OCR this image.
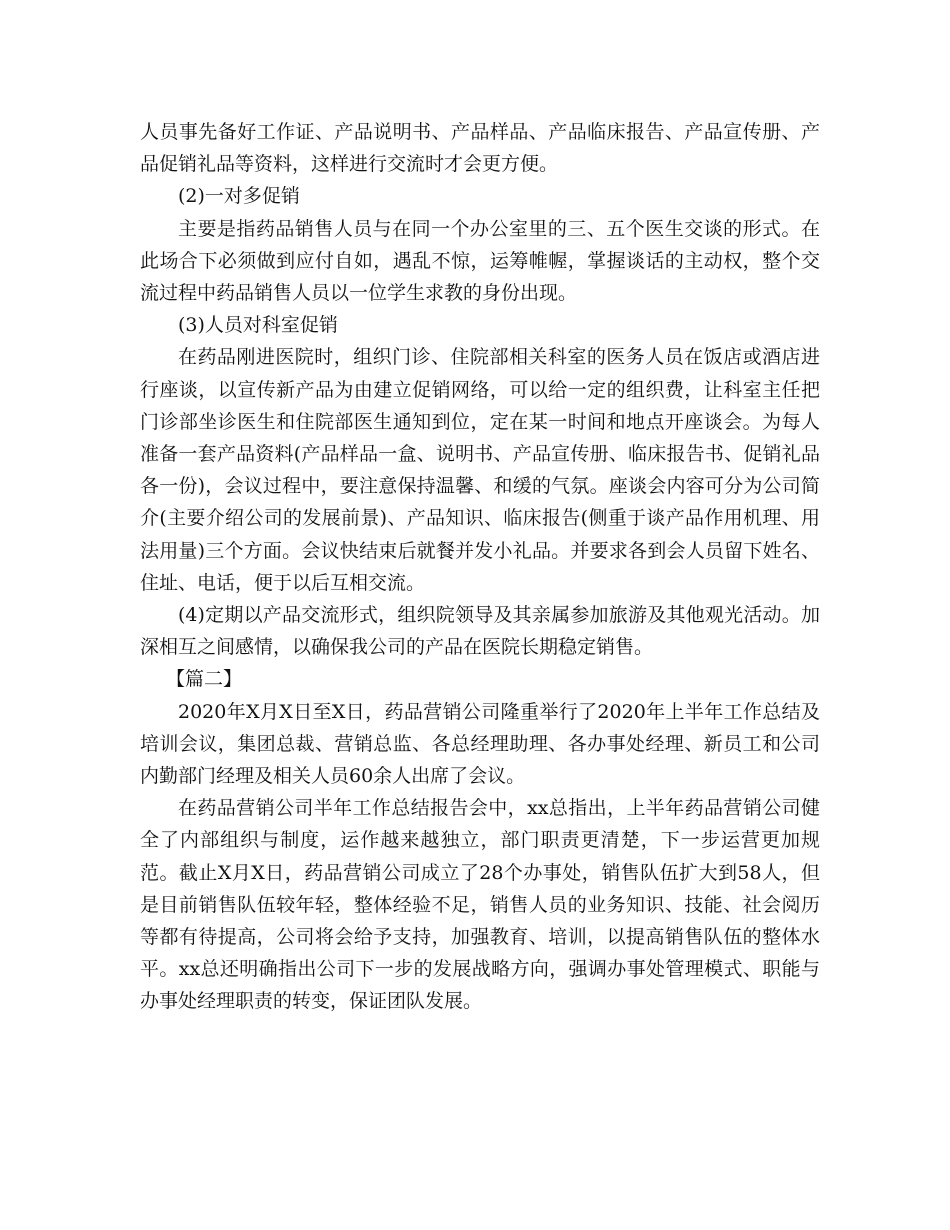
人员事先备好工作证、产品说明书、产品样品、产品临床报告、产品宣传册、产品促销礼品等资料，这样进行交流时才会更方便。

(2)一对多促销

主要是指药品销售人员与在同一个办公室里的三、五个医生交谈的形式。在此场合下必须做到应付自如，遇乱不惊，运筹帷幄，掌握谈话的主动权，整个交流过程中药品销售人员以一位学生求教的身份出现。

(3)人员对科室促销

在药品刚进医院时，组织门诊、住院部相关科室的医务人员在饭店或酒店进行座谈，以宣传新产品为由建立促销网络，可以给一定的组织费，让科室主任把门诊部坐诊医生和住院部医生通知到位，定在某一时间和地点开座谈会。为每人准备一套产品资料(产品样品一盒、说明书、产品宣传册、临床报告书、促销礼品各一份)，会议过程中，要注意保持温馨、和缓的气氛。座谈会内容可分为公司简介(主要介绍公司的发展前景)、产品知识、临床报告(侧重于谈产品作用机理、用法用量)三个方面。会议快结束后就餐并发小礼品。并要求各到会人员留下姓名、住址、电话，便于以后互相交流。

(4)定期以产品交流形式，组织院领导及其亲属参加旅游及其他观光活动。加深相互之间感情，以确保我公司的产品在医院长期稳定销售。

【篇二】

2020年X月X日至X日，药品营销公司隆重举行了2020年上半年工作总结及培训会议，集团总裁、营销总监、各总经理助理、各办事处经理、新员工和公司内勤部门经理及相关人员60余人出席了会议。

在药品营销公司半年工作总结报告会中，xx总指出，上半年药品营销公司健全了内部组织与制度，运作越来越独立，部门职责更清楚，下一步运营更加规范。截止X月X日，药品营销公司成立了28个办事处，销售队伍扩大到58人，但是目前销售队伍较年轻，整体经验不足，销售人员的业务知识、技能、社会阅历等都有待提高，公司将会给予支持，加强教育、培训，以提高销售队伍的整体水平。xx总还明确指出公司下一步的发展战略方向，强调办事处管理模式、职能与办事处经理职责的转变，保证团队发展。
